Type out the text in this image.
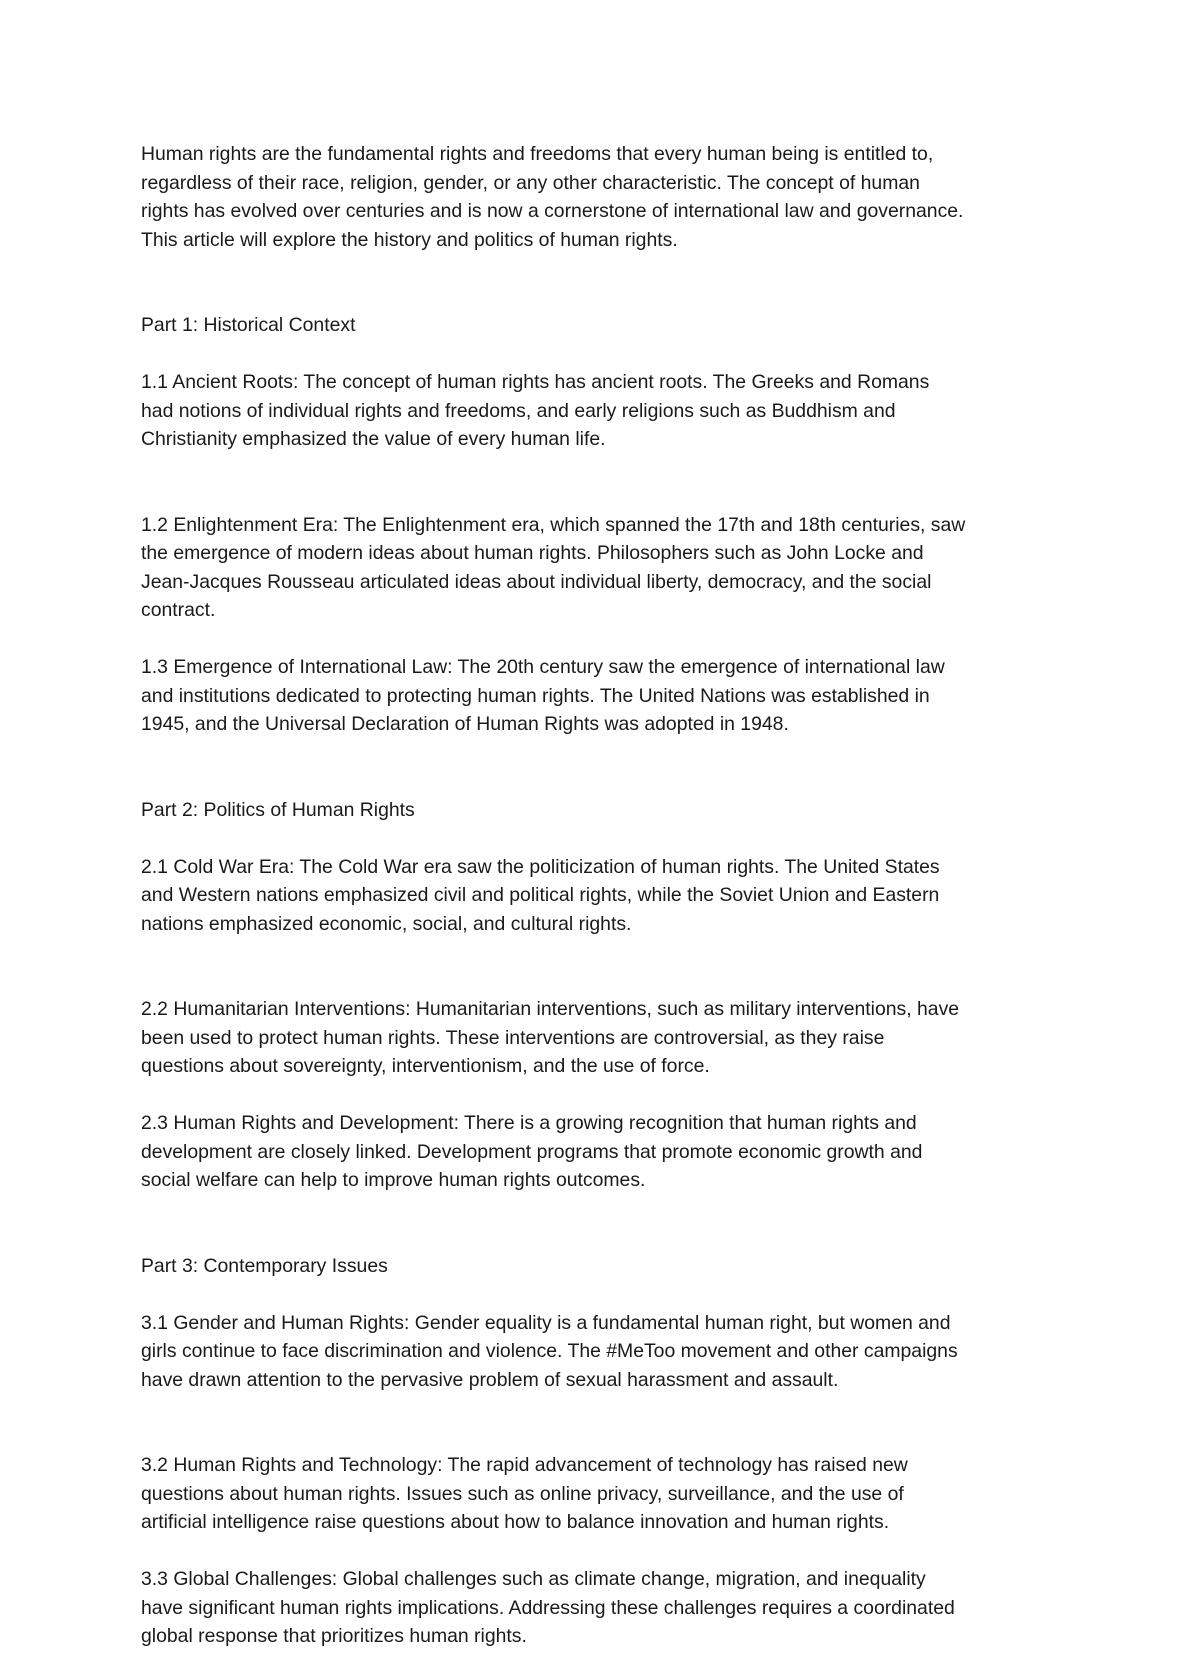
Human rights are the fundamental rights and freedoms that every human being is entitled to,
regardless of their race, religion, gender, or any other characteristic. The concept of human
rights has evolved over centuries and is now a cornerstone of international law and governance.
This article will explore the history and politics of human rights.

Part 1: Historical Context

1.1 Ancient Roots: The concept of human rights has ancient roots. The Greeks and Romans
had notions of individual rights and freedoms, and early religions such as Buddhism and
Christianity emphasized the value of every human life.

1.2 Enlightenment Era: The Enlightenment era, which spanned the 17th and 18th centuries, saw
the emergence of modern ideas about human rights. Philosophers such as John Locke and
Jean-Jacques Rousseau articulated ideas about individual liberty, democracy, and the social
contract.
1.3 Emergence of International Law: The 20th century saw the emergence of international law
and institutions dedicated to protecting human rights. The United Nations was established in
1945, and the Universal Declaration of Human Rights was adopted in 1948.

Part 2: Politics of Human Rights

2.1 Cold War Era: The Cold War era saw the politicization of human rights. The United States
and Western nations emphasized civil and political rights, while the Soviet Union and Eastern
nations emphasized economic, social, and cultural rights.

2.2 Humanitarian Interventions: Humanitarian interventions, such as military interventions, have
been used to protect human rights. These interventions are controversial, as they raise
questions about sovereignty, interventionism, and the use of force.
2.3 Human Rights and Development: There is a growing recognition that human rights and
development are closely linked. Development programs that promote economic growth and
social welfare can help to improve human rights outcomes.

Part 3: Contemporary Issues

3.1 Gender and Human Rights: Gender equality is a fundamental human right, but women and
girls continue to face discrimination and violence. The #MeToo movement and other campaigns
have drawn attention to the pervasive problem of sexual harassment and assault.

3.2 Human Rights and Technology: The rapid advancement of technology has raised new
questions about human rights. Issues such as online privacy, surveillance, and the use of
artificial intelligence raise questions about how to balance innovation and human rights.
3.3 Global Challenges: Global challenges such as climate change, migration, and inequality
have significant human rights implications. Addressing these challenges requires a coordinated
global response that prioritizes human rights.
